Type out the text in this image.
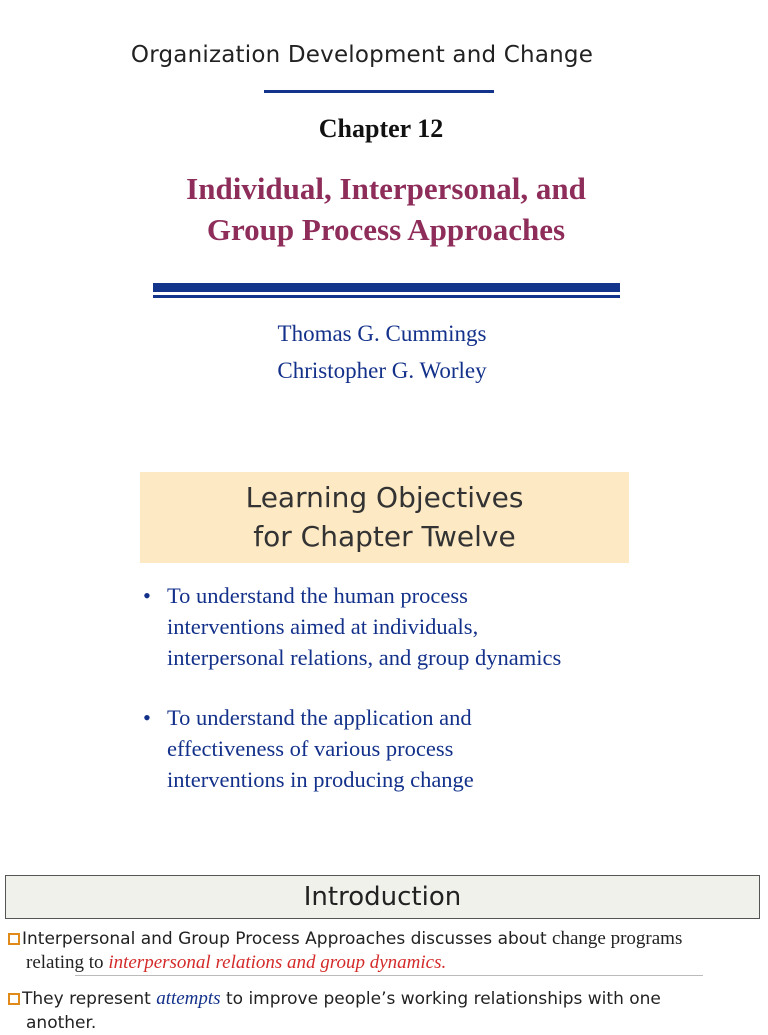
Organization Development and Change
Chapter 12
Individual, Interpersonal, and
Group Process Approaches
Thomas G. Cummings
Christopher G. Worley
Learning Objectives
for Chapter Twelve
• To understand the human process
interventions aimed at individuals,
interpersonal relations, and group dynamics
• To understand the application and
effectiveness of various process
interventions in producing change
Introduction
Interpersonal and Group Process Approaches discusses about change programs
relating to interpersonal relations and group dynamics.
They represent attempts to improve people’s working relationships with one
another.
